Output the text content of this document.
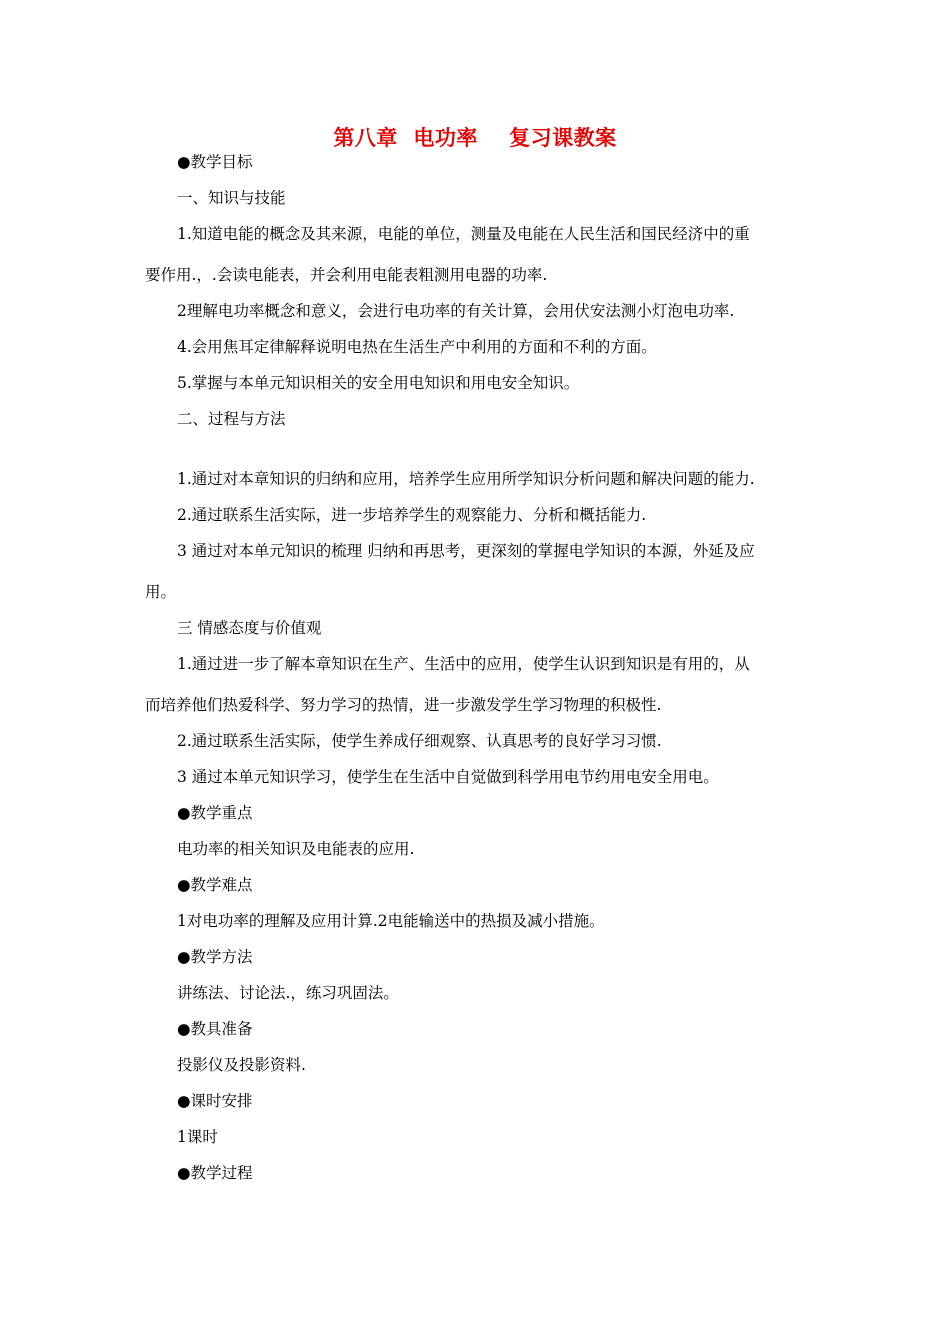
第八章  电功率    复习课教案
●教学目标
一、知识与技能
1.知道电能的概念及其来源，电能的单位，测量及电能在人民生活和国民经济中的重
要作用.，.会读电能表，并会利用电能表粗测用电器的功率.
2理解电功率概念和意义，会进行电功率的有关计算，会用伏安法测小灯泡电功率.
4.会用焦耳定律解释说明电热在生活生产中利用的方面和不利的方面。
5.掌握与本单元知识相关的安全用电知识和用电安全知识。
二、过程与方法
1.通过对本章知识的归纳和应用，培养学生应用所学知识分析问题和解决问题的能力.
2.通过联系生活实际，进一步培养学生的观察能力、分析和概括能力.
3 通过对本单元知识的梳理 归纳和再思考，更深刻的掌握电学知识的本源，外延及应
用。
三 情感态度与价值观
1.通过进一步了解本章知识在生产、生活中的应用，使学生认识到知识是有用的，从
而培养他们热爱科学、努力学习的热情，进一步激发学生学习物理的积极性.
2.通过联系生活实际，使学生养成仔细观察、认真思考的良好学习习惯.
3 通过本单元知识学习，使学生在生活中自觉做到科学用电节约用电安全用电。
●教学重点
电功率的相关知识及电能表的应用.
●教学难点
1对电功率的理解及应用计算.2电能输送中的热损及减小措施。
●教学方法
讲练法、讨论法.，练习巩固法。
●教具准备
投影仪及投影资料.
●课时安排
1课时
●教学过程
